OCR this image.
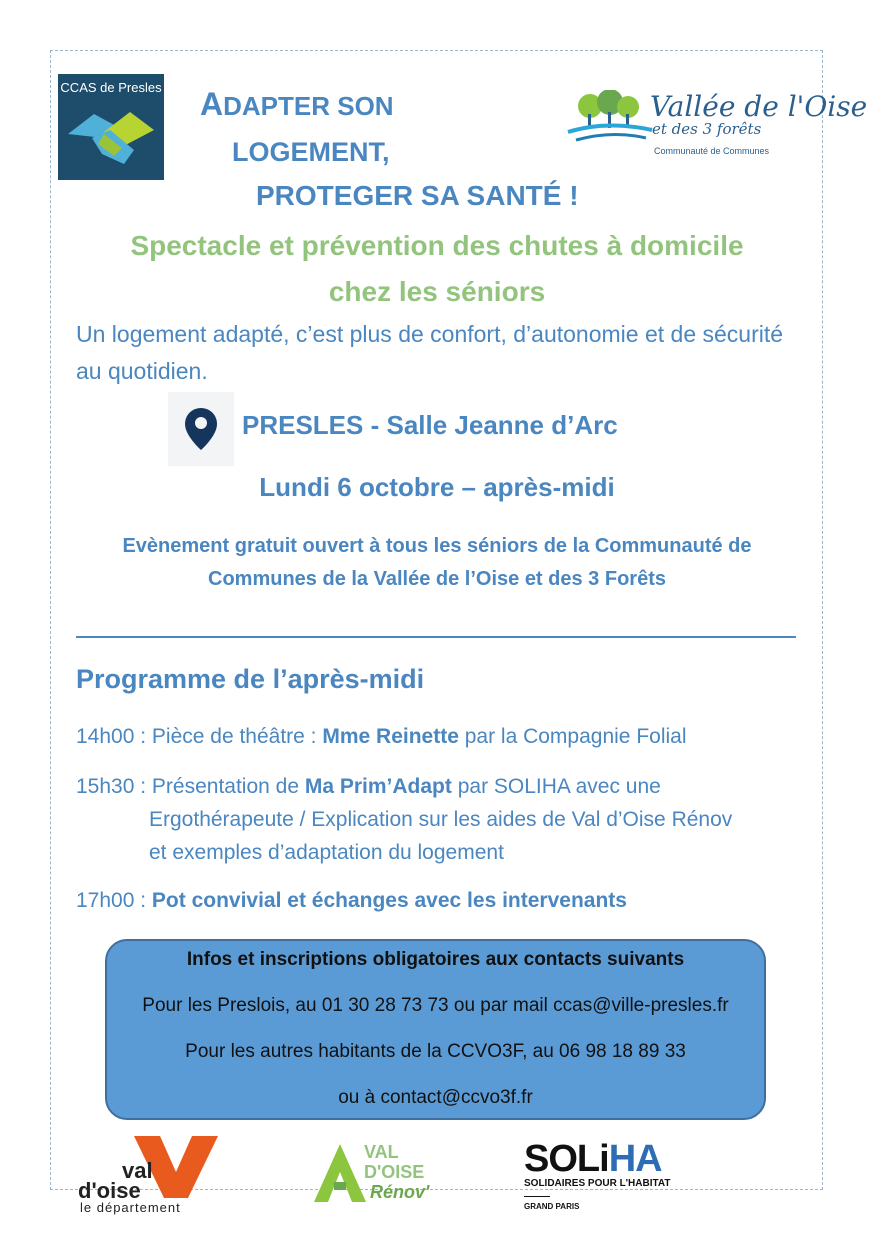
CCAS de Presles
Vallée de l'Oise
et des 3 forêts
Communauté de Communes
ADAPTER SON
LOGEMENT,
PROTEGER SA SANTÉ !
Spectacle et prévention des chutes à domicile
chez les séniors
Un logement adapté, c’est plus de confort, d’autonomie et de sécurité au quotidien.
PRESLES - Salle Jeanne d’Arc
Lundi 6 octobre – après-midi
Evènement gratuit ouvert à tous les séniors de la Communauté de
Communes de la Vallée de l’Oise et des 3 Forêts
Programme de l’après-midi
14h00 : Pièce de théâtre : Mme Reinette par la Compagnie Folial
15h30 : Présentation de Ma Prim’Adapt par SOLIHA avec une
Ergothérapeute / Explication sur les aides de Val d’Oise Rénov
et exemples d’adaptation du logement
17h00 : Pot convivial et échanges avec les intervenants
Infos et inscriptions obligatoires aux contacts suivants
Pour les Preslois, au 01 30 28 73 73 ou par mail ccas@ville-presles.fr
Pour les autres habitants de la CCVO3F, au 06 98 18 89 33
ou à contact@ccvo3f.fr
val
d'oise
le département
VAL
D'OISE
Rénov'
SOLiHA
SOLIDAIRES POUR L'HABITAT
GRAND PARIS
